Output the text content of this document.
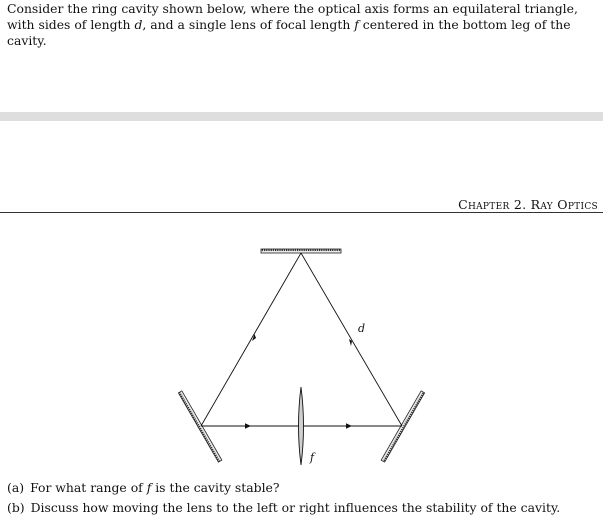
Consider the ring cavity shown below, where the optical axis forms an equilateral triangle, with sides of length d, and a single lens of focal length f centered in the bottom leg of the cavity.

Chapter 2. Ray Optics
d
f

(a) For what range of f is the cavity stable?

(b) Discuss how moving the lens to the left or right influences the stability of the cavity.
